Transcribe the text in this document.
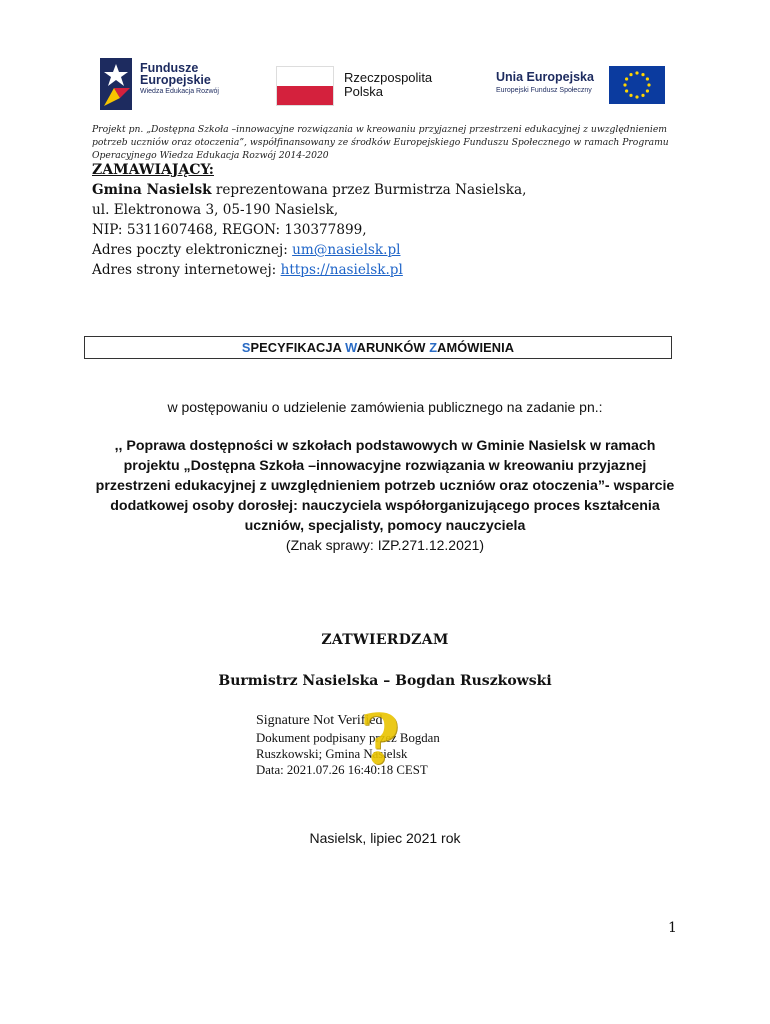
Fundusze
Europejskie
Wiedza Edukacja Rozwój
Rzeczpospolita
Polska
Unia Europejska
Europejski Fundusz Społeczny
Projekt pn. „Dostępna Szkoła –innowacyjne rozwiązania w kreowaniu przyjaznej przestrzeni edukacyjnej z uwzględnieniem potrzeb uczniów oraz otoczenia”, współfinansowany ze środków Europejskiego Funduszu Społecznego w ramach Programu Operacyjnego Wiedza Edukacja Rozwój 2014-2020
ZAMAWIAJĄCY:
Gmina Nasielsk reprezentowana przez Burmistrza Nasielska,
ul. Elektronowa 3, 05-190 Nasielsk,
NIP: 5311607468, REGON: 130377899,
Adres poczty elektronicznej: um@nasielsk.pl
Adres strony internetowej: https://nasielsk.pl
SPECYFIKACJA WARUNKÓW ZAMÓWIENIA
w postępowaniu o udzielenie zamówienia publicznego na zadanie pn.:
,, Poprawa dostępności w szkołach podstawowych w Gminie Nasielsk w ramach projektu „Dostępna Szkoła –innowacyjne rozwiązania w kreowaniu przyjaznej przestrzeni edukacyjnej z uwzględnieniem potrzeb uczniów oraz otoczenia”- wsparcie dodatkowej osoby dorosłej: nauczyciela współorganizującego proces kształcenia uczniów, specjalisty, pomocy nauczyciela
(Znak sprawy: IZP.271.12.2021)
ZATWIERDZAM
Burmistrz Nasielska – Bogdan Ruszkowski
Signature Not Verified
Dokument podpisany przez Bogdan
Ruszkowski; Gmina Nasielsk
Data: 2021.07.26 16:40:18 CEST
?
Nasielsk, lipiec 2021 rok
1
